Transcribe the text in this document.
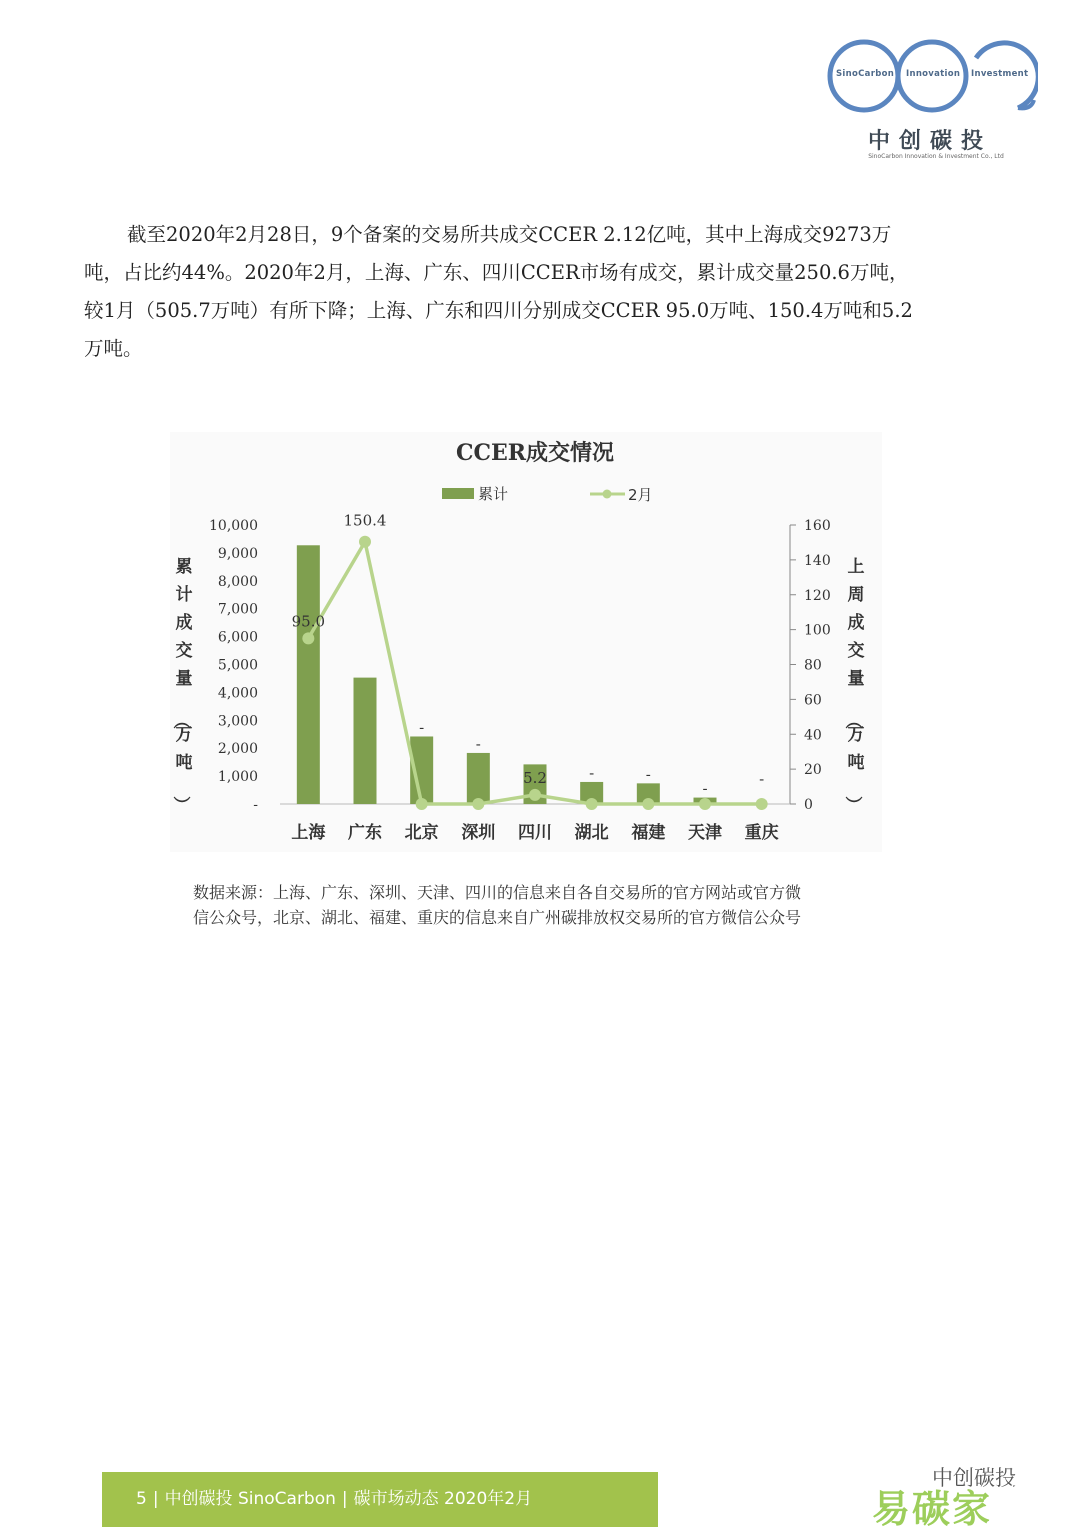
SinoCarbon Innovation Investment
中创碳投
SinoCarbon Innovation & Investment Co., Ltd
截至2020年2月28日，9个备案的交易所共成交CCER 2.12亿吨，其中上海成交9273万
吨，占比约44%。2020年2月，上海、广东、四川CCER市场有成交，累计成交量250.6万吨，
较1月（505.7万吨）有所下降；上海、广东和四川分别成交CCER 95.0万吨、150.4万吨和5.2
万吨。
CCER成交情况
累计	2月
-
1,000
2,000
3,000
4,000
5,000
6,000
7,000
8,000
9,000
10,000
0
20
40
60
80
100
120
140
160
累计成交量（万吨）
上周成交量（万吨）
上海 广东 北京 深圳 四川 湖北 福建 天津 重庆
95.0
150.4
-
-
5.2	-	-
-
-
数据来源：上海、广东、深圳、天津、四川的信息来自各自交易所的官方网站或官方微
信公众号，北京、湖北、福建、重庆的信息来自广州碳排放权交易所的官方微信公众号
5 | 中创碳投 SinoCarbon | 碳市场动态 2020年2月	易碳家
中创碳投
tanjiaoyi
.com
